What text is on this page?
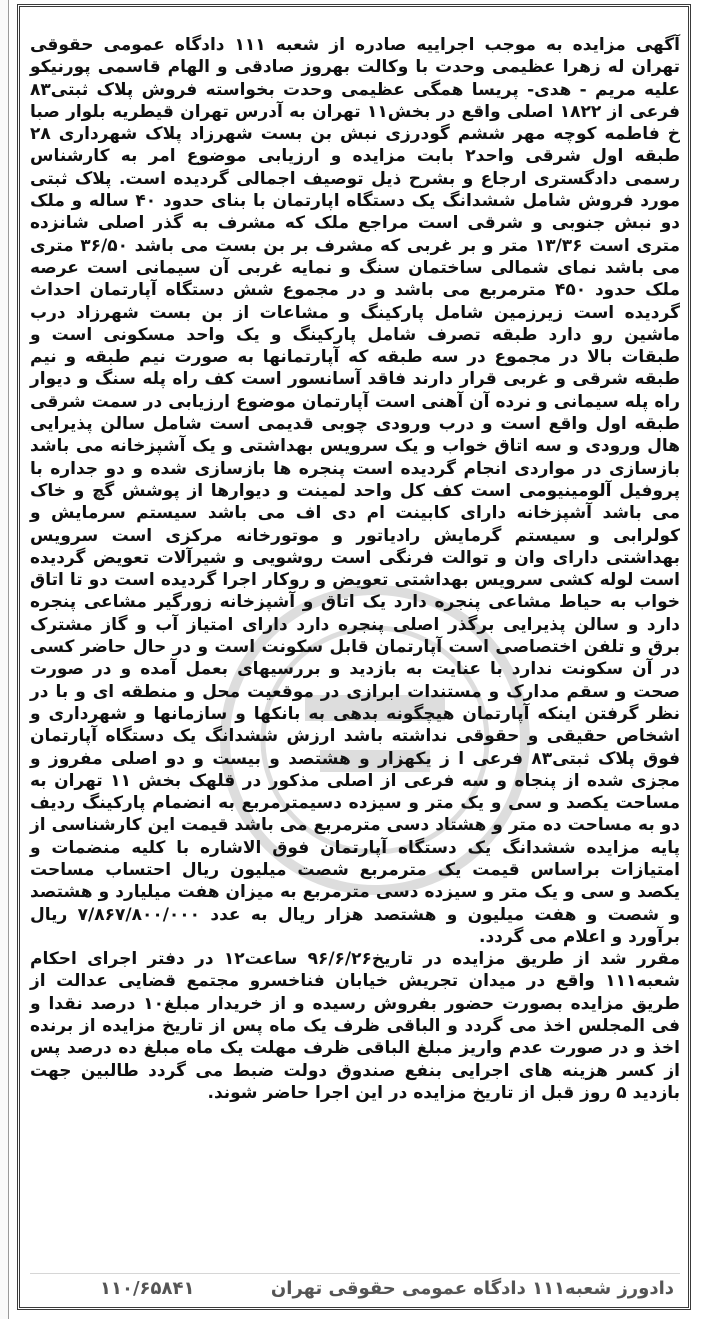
آگهی مزایده به موجب اجراییه صادره از شعبه ۱۱۱ دادگاه عمومی حقوقی تهران له زهرا عظیمی وحدت با وکالت بهروز صادقی و الهام قاسمی پورنیکو علیه مریم - هدی- پریسا همگی عظیمی وحدت بخواسته فروش پلاک ثبتی۸۳ فرعی از ۱۸۲۲ اصلی واقع در بخش۱۱ تهران به آدرس تهران قیطریه بلوار صبا خ فاطمه کوچه مهر ششم گودرزی نبش بن بست شهرزاد پلاک شهرداری ۲۸ طبقه اول شرقی واحد۲ بابت مزایده و ارزیابی موضوع امر به کارشناس رسمی دادگستری ارجاع و بشرح ذیل توصیف اجمالی گردیده است. پلاک ثبتی مورد فروش شامل ششدانگ یک دستگاه اپارتمان با بنای حدود ۴۰ ساله و ملک دو نبش جنوبی و شرقی است مراجع ملک که مشرف به گذر اصلی شانزده متری است ۱۳/۳۶ متر و بر غربی که مشرف بر بن بست می باشد ۳۶/۵۰ متری می باشد نمای شمالی ساختمان سنگ و نمایه غربی آن سیمانی است عرصه ملک حدود ۴۵۰ مترمربع می باشد و در مجموع شش دستگاه آپارتمان احداث گردیده است زیرزمین شامل پارکینگ و مشاعات از بن بست شهرزاد درب ماشین رو دارد طبقه تصرف شامل پارکینگ و یک واحد مسکونی است و طبقات بالا در مجموع در سه طبقه که آپارتمانها به صورت نیم طبقه و نیم طبقه شرقی و غربی قرار دارند فاقد آسانسور است کف راه پله سنگ و دیوار راه پله سیمانی و نرده آن آهنی است آپارتمان موضوع ارزیابی در سمت شرقی طبقه اول واقع است و درب ورودی چوبی قدیمی است شامل سالن پذیرایی هال ورودی و سه اتاق خواب و یک سرویس بهداشتی و یک آشپزخانه می باشد بازسازی در مواردی انجام گردیده است پنجره ها بازسازی شده و دو جداره با پروفیل آلومینیومی است کف کل واحد لمینت و دیوارها از پوشش گچ و خاک می باشد آشپزخانه دارای کابینت ام دی اف می باشد سیستم سرمایش و کولرابی و سیستم گرمایش رادیاتور و موتورخانه مرکزی است سرویس بهداشتی دارای وان و توالت فرنگی است روشویی و شیرآلات تعویض گردیده است لوله کشی سرویس بهداشتی تعویض و روکار اجرا گردیده است دو تا اتاق خواب به حیاط مشاعی پنجره دارد یک اتاق و آشپزخانه زورگیر مشاعی پنجره دارد و سالن پذیرایی برگذر اصلی پنجره دارد دارای امتیاز آب و گاز مشترک برق و تلفن اختصاصی است آپارتمان قابل سکونت است و در حال حاضر کسی در آن سکونت ندارد با عنایت به بازدید و بررسیهای بعمل آمده و در صورت صحت و سقم مدارک و مستندات ابرازی در موقعیت محل و منطقه ای و با در نظر گرفتن اینکه آپارتمان هیچگونه بدهی به بانکها و سازمانها و شهرداری و اشخاص حقیقی و حقوقی نداشته باشد ارزش ششدانگ یک دستگاه آپارتمان فوق پلاک ثبتی۸۳ فرعی ا ز یکهزار و هشتصد و بیست و دو اصلی مفروز و مجزی شده از پنجاه و سه فرعی از اصلی مذکور در قلهک بخش ۱۱ تهران به مساحت یکصد و سی و یک متر و سیزده دسیمترمربع به انضمام پارکینگ ردیف دو به مساحت ده متر و هشتاد دسی مترمربع می باشد قیمت این کارشناسی از پایه مزایده ششدانگ یک دستگاه آپارتمان فوق الاشاره با کلیه منضمات و امتیازات براساس قیمت یک مترمربع شصت میلیون ریال احتساب مساحت یکصد و سی و یک متر و سیزده دسی مترمربع به میزان هفت میلیارد و هشتصد و شصت و هفت میلیون و هشتصد هزار ریال به عدد ۷/۸۶۷/۸۰۰/۰۰۰ ریال برآورد و اعلام می گردد.

مقرر شد از طریق مزایده در تاریخ۹۶/۶/۲۶ ساعت۱۲ در دفتر اجرای احکام شعبه۱۱۱ واقع در میدان تجریش خیابان فناخسرو مجتمع قضایی عدالت از طریق مزایده بصورت حضور بفروش رسیده و از خریدار مبلغ۱۰ درصد نقدا و فی المجلس اخذ می گردد و الباقی ظرف یک ماه پس از تاریخ مزایده از برنده اخذ و در صورت عدم واریز مبلغ الباقی ظرف مهلت یک ماه مبلغ ده درصد پس از کسر هزینه های اجرایی بنفع صندوق دولت ضبط می گردد طالبین جهت بازدید ۵ روز قبل از تاریخ مزایده در این اجرا حاضر شوند.

دادورز شعبه۱۱۱ دادگاه عمومی حقوقی تهران
۱۱۰/۶۵۸۴۱
